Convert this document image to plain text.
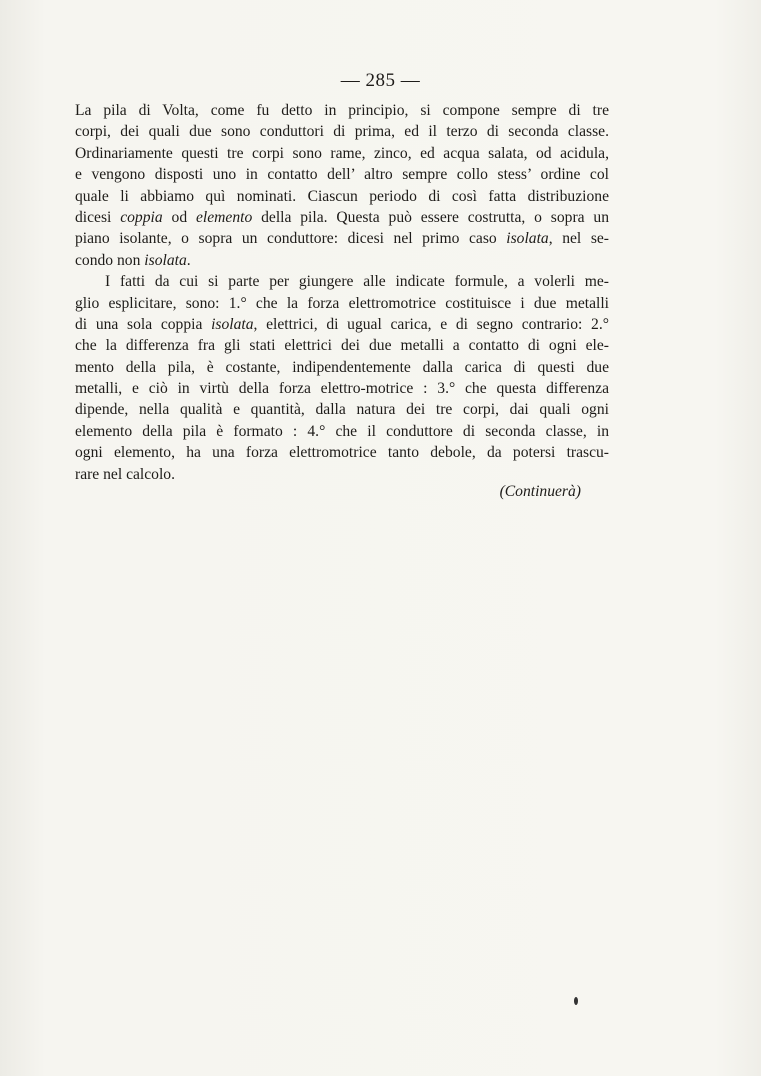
— 285 —
La pila di Volta, come fu detto in principio, si compone sempre di tre
corpi, dei quali due sono conduttori di prima, ed il terzo di seconda classe.
Ordinariamente questi tre corpi sono rame, zinco, ed acqua salata, od acidula,
e vengono disposti uno in contatto dell’ altro sempre collo stess’ ordine col
quale li abbiamo quì nominati. Ciascun periodo di così fatta distribuzione
dicesi coppia od elemento della pila. Questa può essere costrutta, o sopra un
piano isolante, o sopra un conduttore: dicesi nel primo caso isolata, nel se-
condo non isolata.
I fatti da cui si parte per giungere alle indicate formule, a volerli me-
glio esplicitare, sono: 1.° che la forza elettromotrice costituisce i due metalli
di una sola coppia isolata, elettrici, di ugual carica, e di segno contrario: 2.°
che la differenza fra gli stati elettrici dei due metalli a contatto di ogni ele-
mento della pila, è costante, indipendentemente dalla carica di questi due
metalli, e ciò in virtù della forza elettro-motrice : 3.° che questa differenza
dipende, nella qualità e quantità, dalla natura dei tre corpi, dai quali ogni
elemento della pila è formato : 4.° che il conduttore di seconda classe, in
ogni elemento, ha una forza elettromotrice tanto debole, da potersi trascu-
rare nel calcolo.
(Continuerà)
